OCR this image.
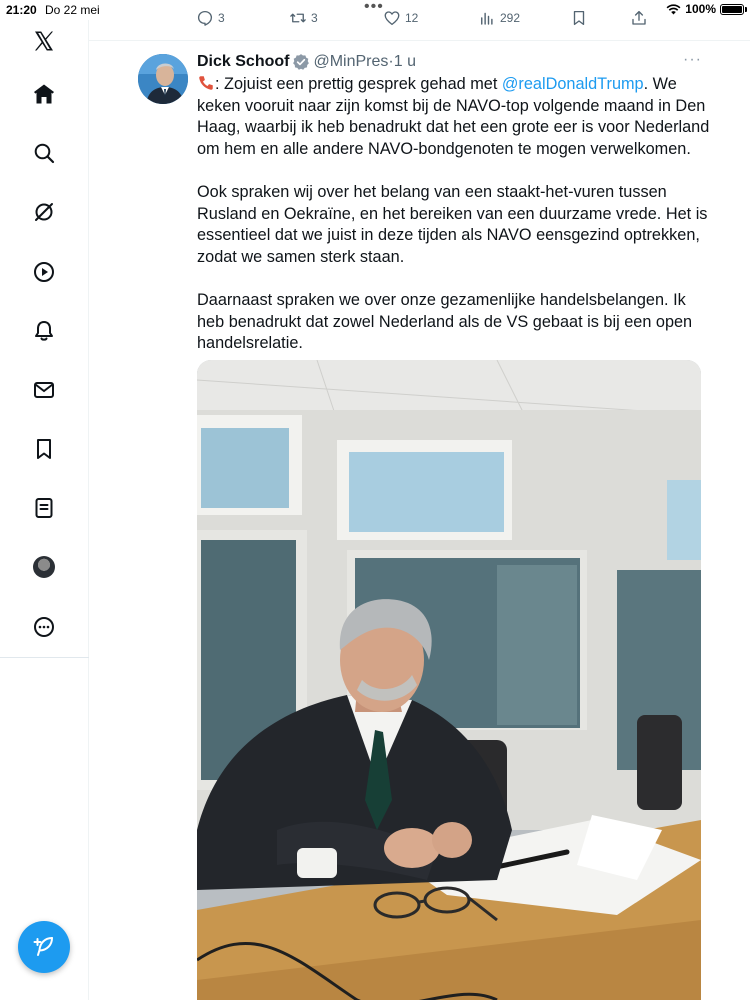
21:20 Do 22 mei	•••	100%
3	3	12	292
Dick Schoof @MinPres · 1 u	···

: Zojuist een prettig gesprek gehad met @realDonaldTrump. We keken vooruit naar zijn komst bij de NAVO-top volgende maand in Den Haag, waarbij ik heb benadrukt dat het een grote eer is voor Nederland om hem en alle andere NAVO-bondgenoten te mogen verwelkomen.

Ook spraken wij over het belang van een staakt-het-vuren tussen Rusland en Oekraïne, en het bereiken van een duurzame vrede. Het is essentieel dat we juist in deze tijden als NAVO eensgezind optrekken, zodat we samen sterk staan.

Daarnaast spraken we over onze gezamenlijke handelsbelangen. Ik heb benadrukt dat zowel Nederland als de VS gebaat is bij een open handelsrelatie.
